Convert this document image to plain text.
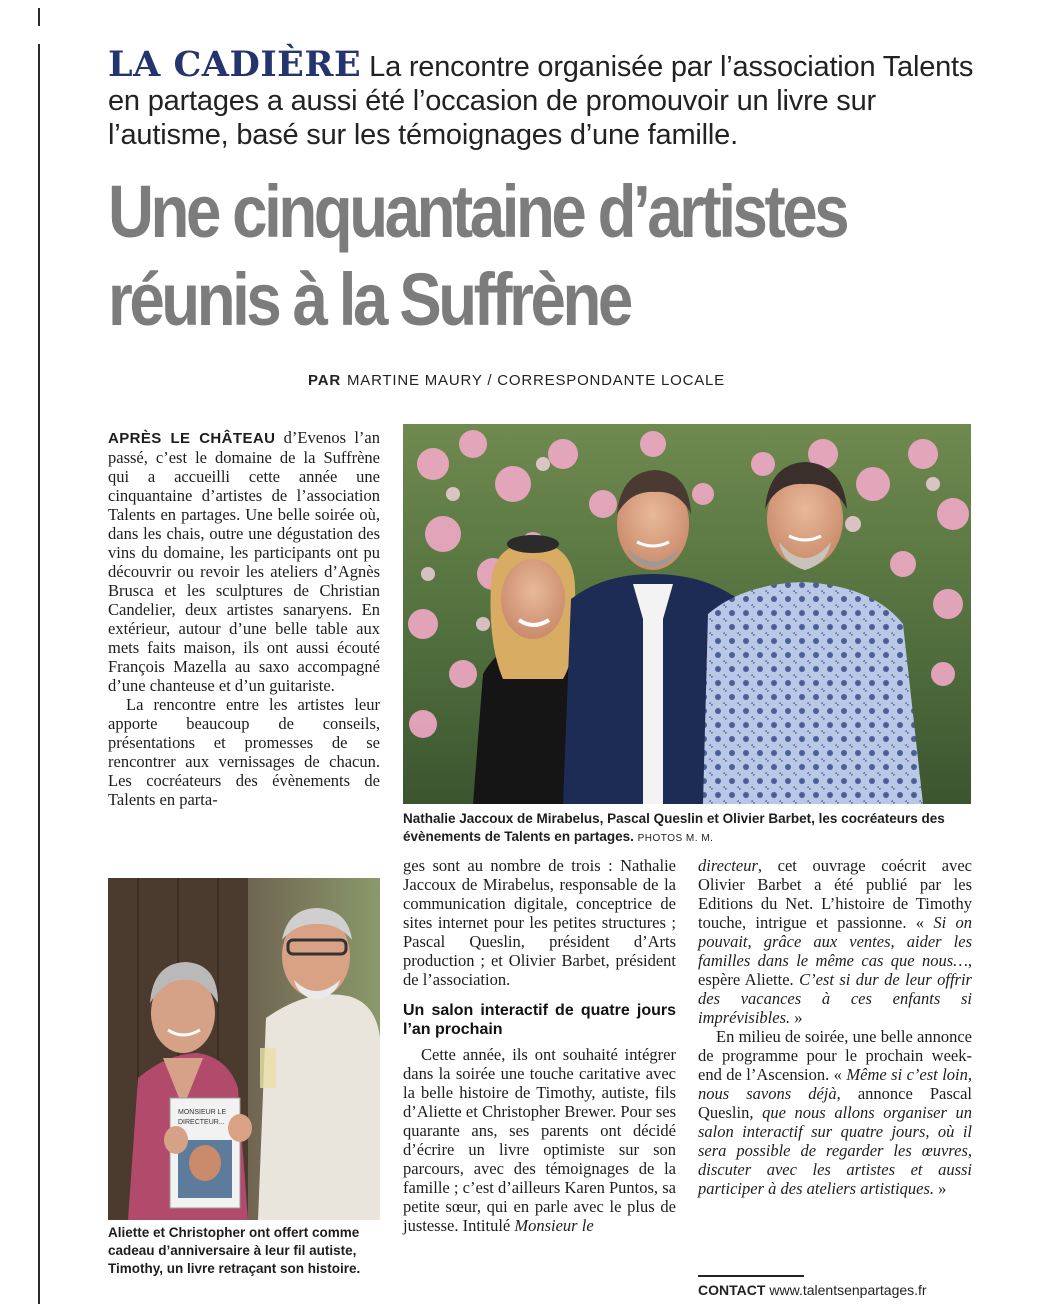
LA CADIÈRE La rencontre organisée par l’association Talents en partages a aussi été l’occasion de promouvoir un livre sur l’autisme, basé sur les témoignages d’une famille.

Une cinquantaine d’artistes
réunis à la Suffrène
PAR MARTINE MAURY / CORRESPONDANTE LOCALE

APRÈS LE CHÂTEAU d’Evenos l’an passé, c’est le domaine de la Suffrène qui a accueilli cette année une cinquantaine d’artistes de l’association Talents en partages. Une belle soirée où, dans les chais, outre une dégustation des vins du domaine, les participants ont pu découvrir ou revoir les ateliers d’Agnès Brusca et les sculptures de Christian Candelier, deux artistes sanaryens. En extérieur, autour d’une belle table aux mets faits maison, ils ont aussi écouté François Mazella au saxo accompagné d’une chanteuse et d’un guitariste.

La rencontre entre les artistes leur apporte beaucoup de conseils, présentations et promesses de se rencontrer aux vernissages de chacun. Les cocréateurs des évènements de Talents en parta-

Nathalie Jaccoux de Mirabelus, Pascal Queslin et Olivier Barbet, les cocréateurs des évènements de Talents en partages. PHOTOS M. M.
MONSIEUR LE
DIRECTEUR...
Aliette et Christopher ont offert comme cadeau d’anniversaire à leur fil autiste, Timothy, un livre retraçant son histoire.

ges sont au nombre de trois : Nathalie Jaccoux de Mirabelus, responsable de la communication digitale, conceptrice de sites internet pour les petites structures ; Pascal Queslin, président d’Arts production ; et Olivier Barbet, président de l’association.

Un salon interactif de quatre jours l’an prochain

Cette année, ils ont souhaité intégrer dans la soirée une touche caritative avec la belle histoire de Timothy, autiste, fils d’Aliette et Christopher Brewer. Pour ses quarante ans, ses parents ont décidé d’écrire un livre optimiste sur son parcours, avec des témoignages de la famille ; c’est d’ailleurs Karen Puntos, sa petite sœur, qui en parle avec le plus de justesse. Intitulé Monsieur le

directeur, cet ouvrage coécrit avec Olivier Barbet a été publié par les Editions du Net. L’histoire de Timothy touche, intrigue et passionne. « Si on pouvait, grâce aux ventes, aider les familles dans le même cas que nous…, espère Aliette. C’est si dur de leur offrir des vacances à ces enfants si imprévisibles. »

En milieu de soirée, une belle annonce de programme pour le prochain week-end de l’Ascension. « Même si c’est loin, nous savons déjà, annonce Pascal Queslin, que nous allons organiser un salon interactif sur quatre jours, où il sera possible de regarder les œuvres, discuter avec les artistes et aussi participer à des ateliers artistiques. »

CONTACT www.talentsenpartages.fr
